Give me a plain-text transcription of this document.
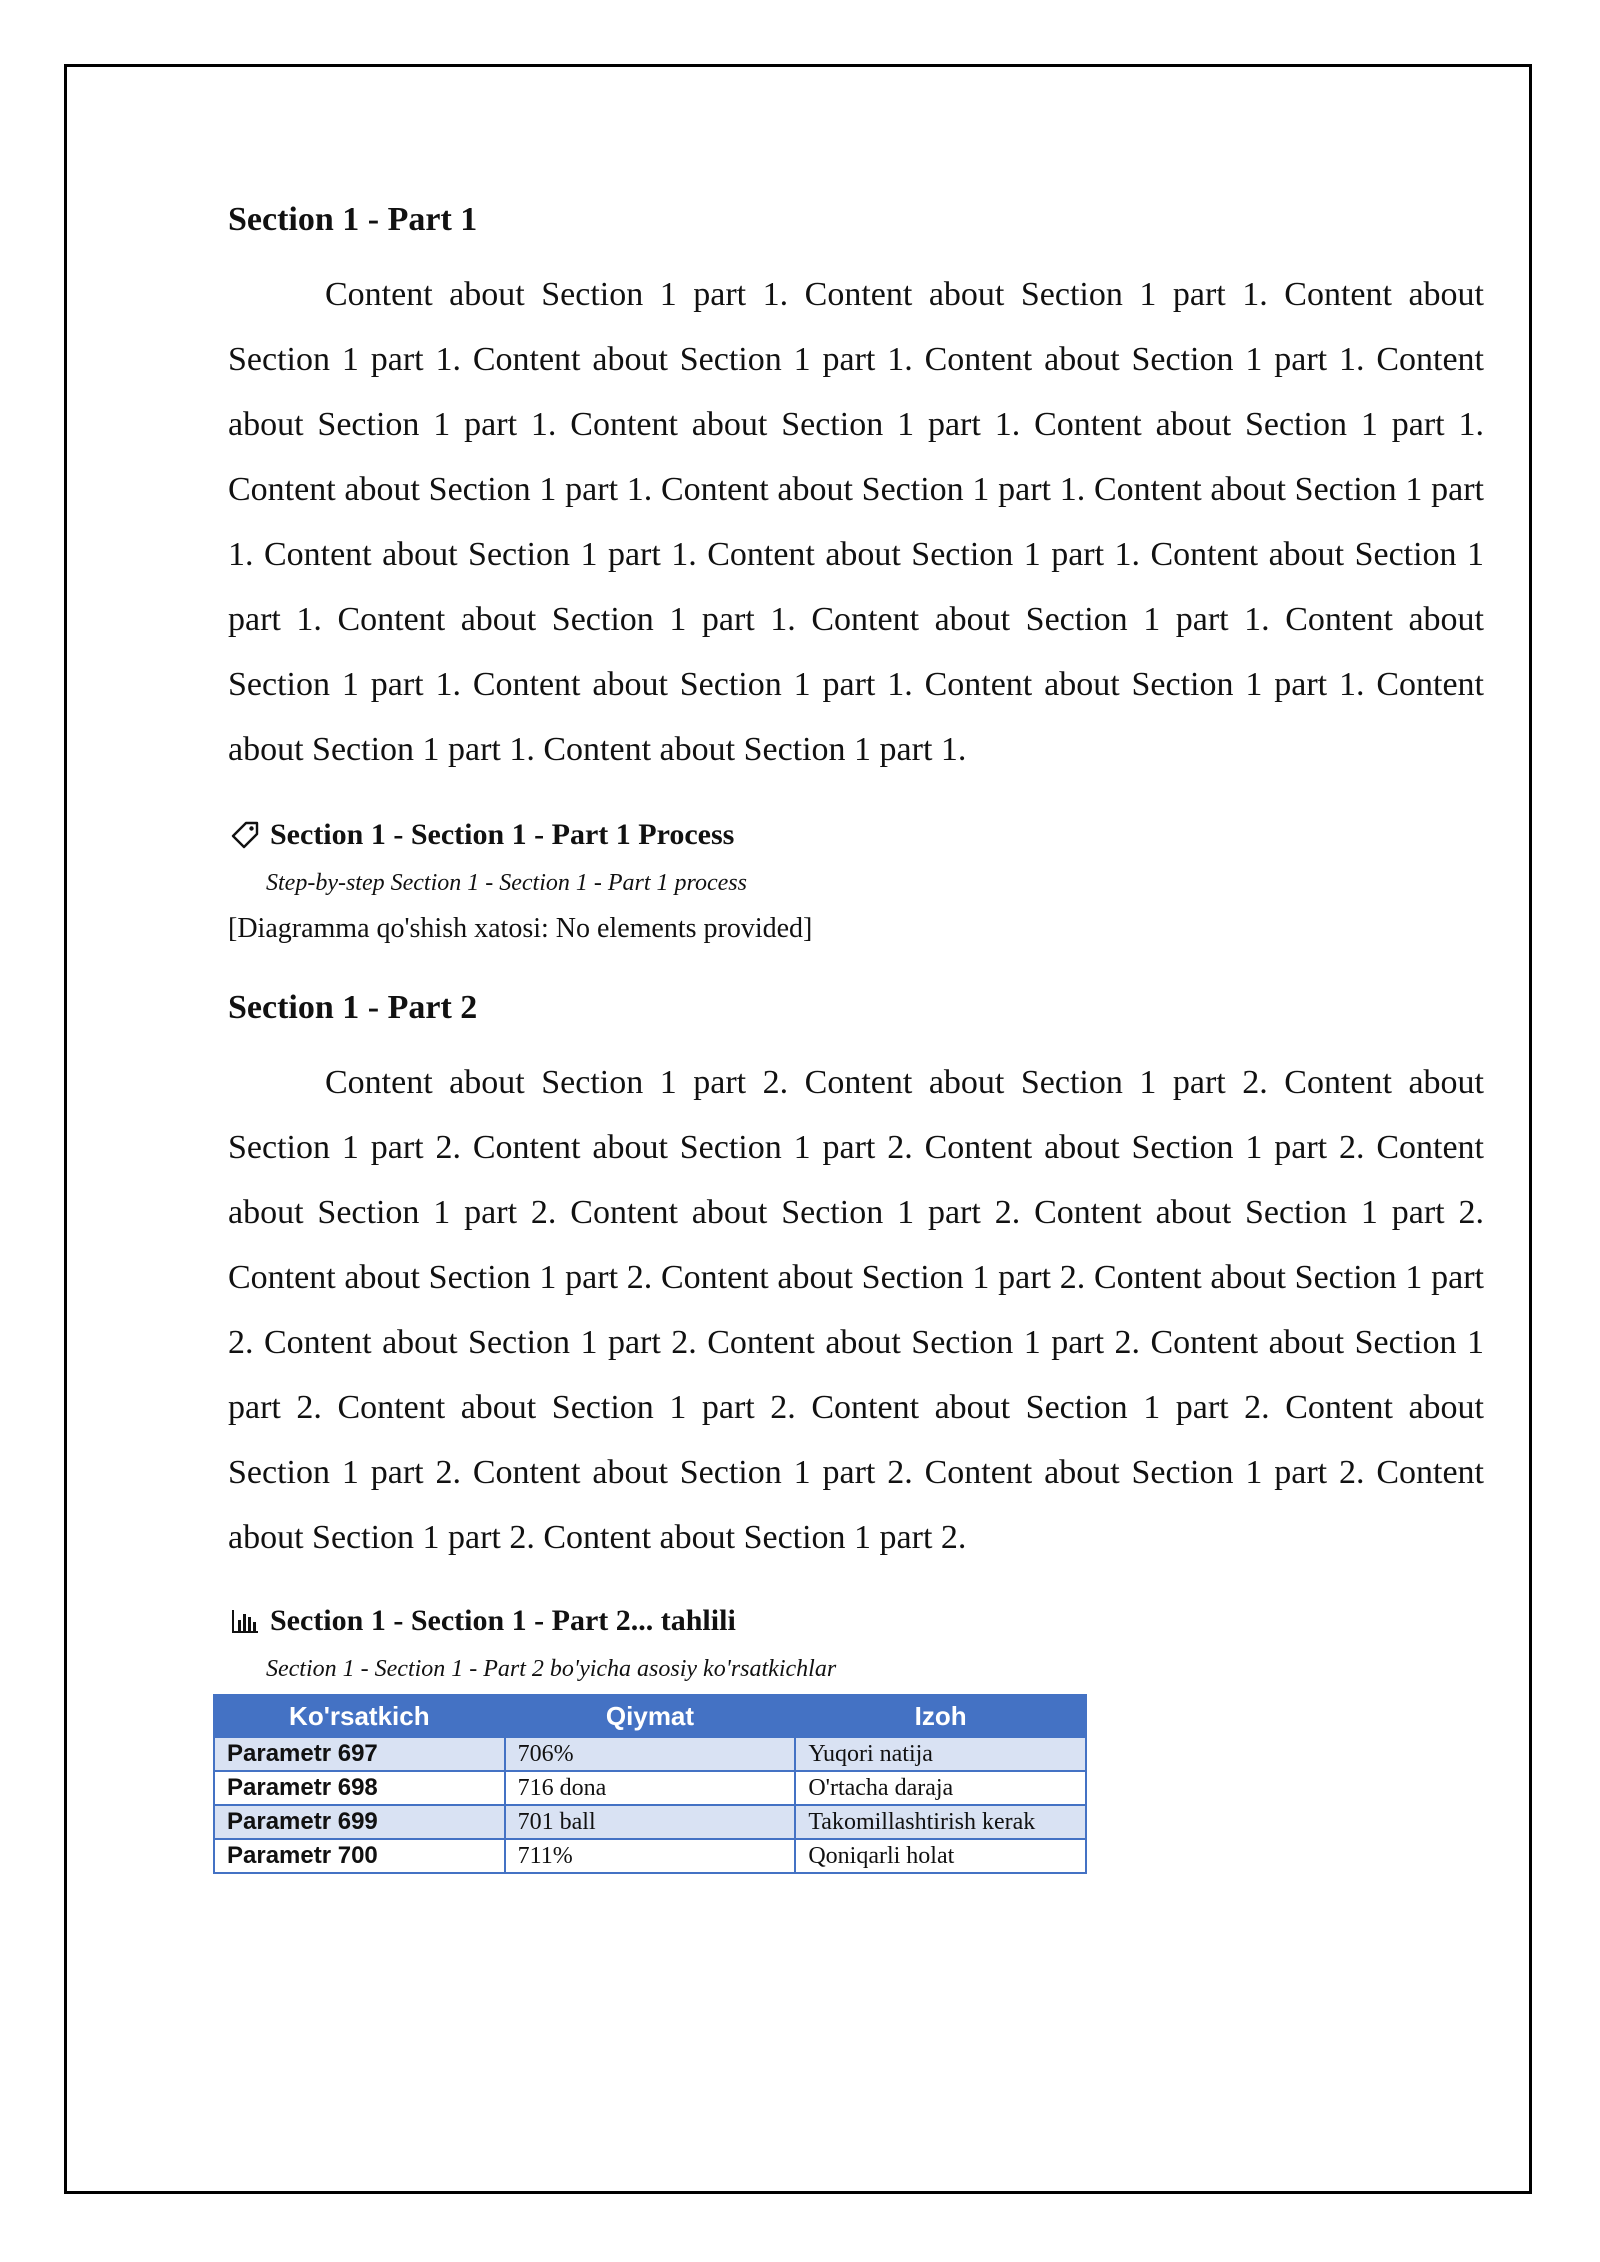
Section 1 - Part 1

Content about Section 1 part 1. Content about Section 1 part 1. Content about Section 1 part 1. Content about Section 1 part 1. Content about Section 1 part 1. Content about Section 1 part 1. Content about Section 1 part 1. Content about Section 1 part 1. Content about Section 1 part 1. Content about Section 1 part 1. Content about Section 1 part 1. Content about Section 1 part 1. Content about Section 1 part 1. Content about Section 1 part 1. Content about Section 1 part 1. Content about Section 1 part 1. Content about Section 1 part 1. Content about Section 1 part 1. Content about Section 1 part 1. Content about Section 1 part 1. Content about Section 1 part 1.

Section 1 - Section 1 - Part 1 Process
Step-by-step Section 1 - Section 1 - Part 1 process
[Diagramma qo'shish xatosi: No elements provided]
Section 1 - Part 2

Content about Section 1 part 2. Content about Section 1 part 2. Content about Section 1 part 2. Content about Section 1 part 2. Content about Section 1 part 2. Content about Section 1 part 2. Content about Section 1 part 2. Content about Section 1 part 2. Content about Section 1 part 2. Content about Section 1 part 2. Content about Section 1 part 2. Content about Section 1 part 2. Content about Section 1 part 2. Content about Section 1 part 2. Content about Section 1 part 2. Content about Section 1 part 2. Content about Section 1 part 2. Content about Section 1 part 2. Content about Section 1 part 2. Content about Section 1 part 2. Content about Section 1 part 2.

Section 1 - Section 1 - Part 2... tahlili
Section 1 - Section 1 - Part 2 bo'yicha asosiy ko'rsatkichlar
Ko'rsatkich	Qiymat	Izoh
Parametr 697	706%	Yuqori natija
Parametr 698	716 dona	O'rtacha daraja
Parametr 699	701 ball	Takomillashtirish kerak
Parametr 700	711%	Qoniqarli holat
